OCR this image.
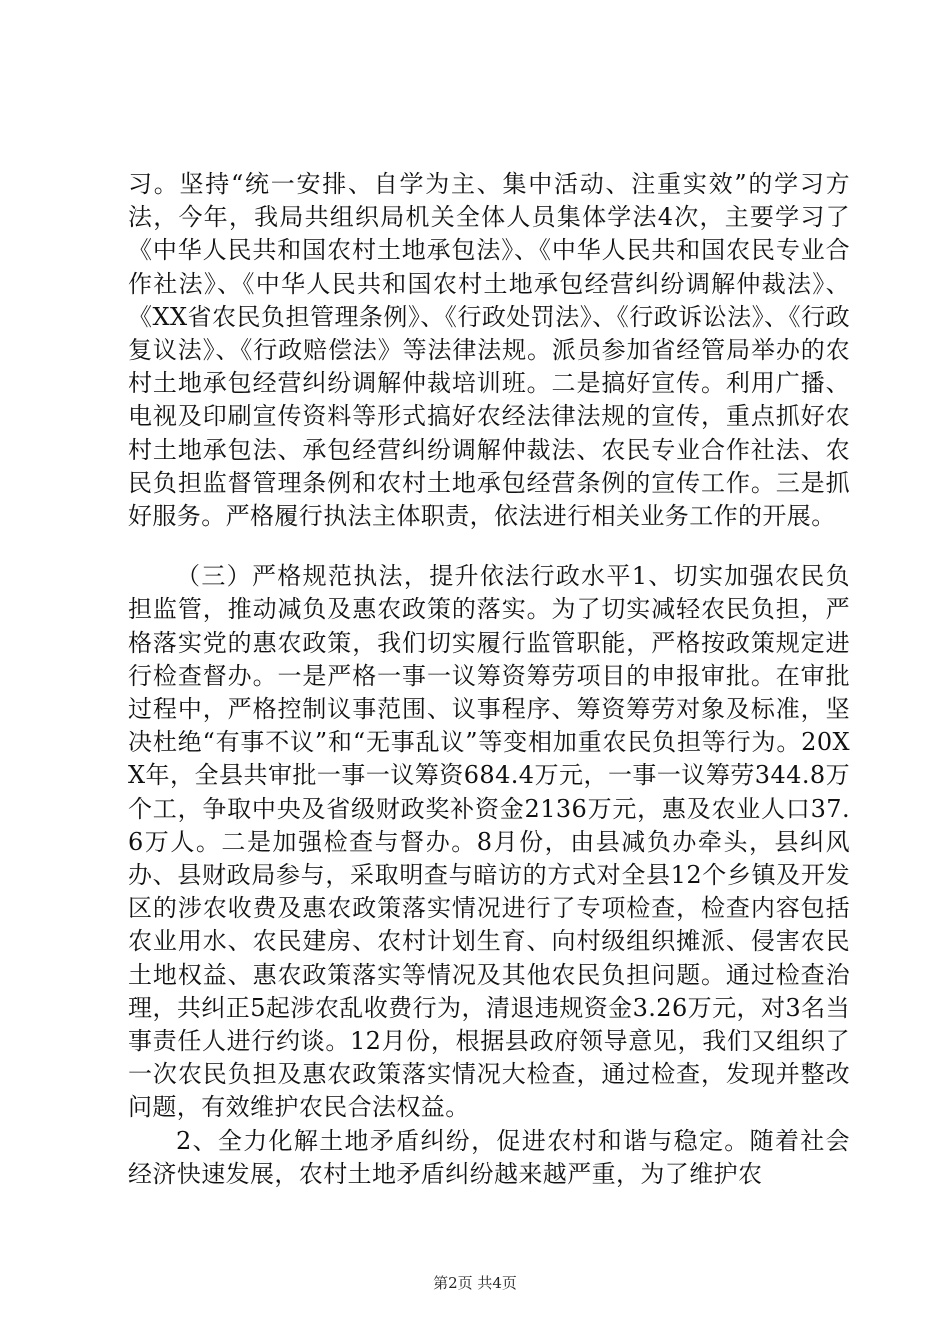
习。坚持“统一安排、自学为主、集中活动、注重实效”的学习方法，今年，我局共组织局机关全体人员集体学法4次，主要学习了《中华人民共和国农村土地承包法》、《中华人民共和国农民专业合作社法》、《中华人民共和国农村土地承包经营纠纷调解仲裁法》、《XX省农民负担管理条例》、《行政处罚法》、《行政诉讼法》、《行政复议法》、《行政赔偿法》等法律法规。派员参加省经管局举办的农村土地承包经营纠纷调解仲裁培训班。二是搞好宣传。利用广播、电视及印刷宣传资料等形式搞好农经法律法规的宣传，重点抓好农村土地承包法、承包经营纠纷调解仲裁法、农民专业合作社法、农民负担监督管理条例和农村土地承包经营条例的宣传工作。三是抓好服务。严格履行执法主体职责，依法进行相关业务工作的开展。

（三）严格规范执法，提升依法行政水平1、切实加强农民负担监管，推动减负及惠农政策的落实。为了切实减轻农民负担，严格落实党的惠农政策，我们切实履行监管职能，严格按政策规定进行检查督办。一是严格一事一议筹资筹劳项目的申报审批。在审批过程中，严格控制议事范围、议事程序、筹资筹劳对象及标准，坚决杜绝“有事不议”和“无事乱议”等变相加重农民负担等行为。20XX年，全县共审批一事一议筹资684.4万元，一事一议筹劳344.8万个工，争取中央及省级财政奖补资金2136万元，惠及农业人口37.6万人。二是加强检查与督办。8月份，由县减负办牵头，县纠风办、县财政局参与，采取明查与暗访的方式对全县12个乡镇及开发区的涉农收费及惠农政策落实情况进行了专项检查，检查内容包括农业用水、农民建房、农村计划生育、向村级组织摊派、侵害农民土地权益、惠农政策落实等情况及其他农民负担问题。通过检查治理，共纠正5起涉农乱收费行为，清退违规资金3.26万元，对3名当事责任人进行约谈。12月份，根据县政府领导意见，我们又组织了一次农民负担及惠农政策落实情况大检查，通过检查，发现并整改问题，有效维护农民合法权益。

2、全力化解土地矛盾纠纷，促进农村和谐与稳定。随着社会经济快速发展，农村土地矛盾纠纷越来越严重，为了维护农

第2页 共4页
